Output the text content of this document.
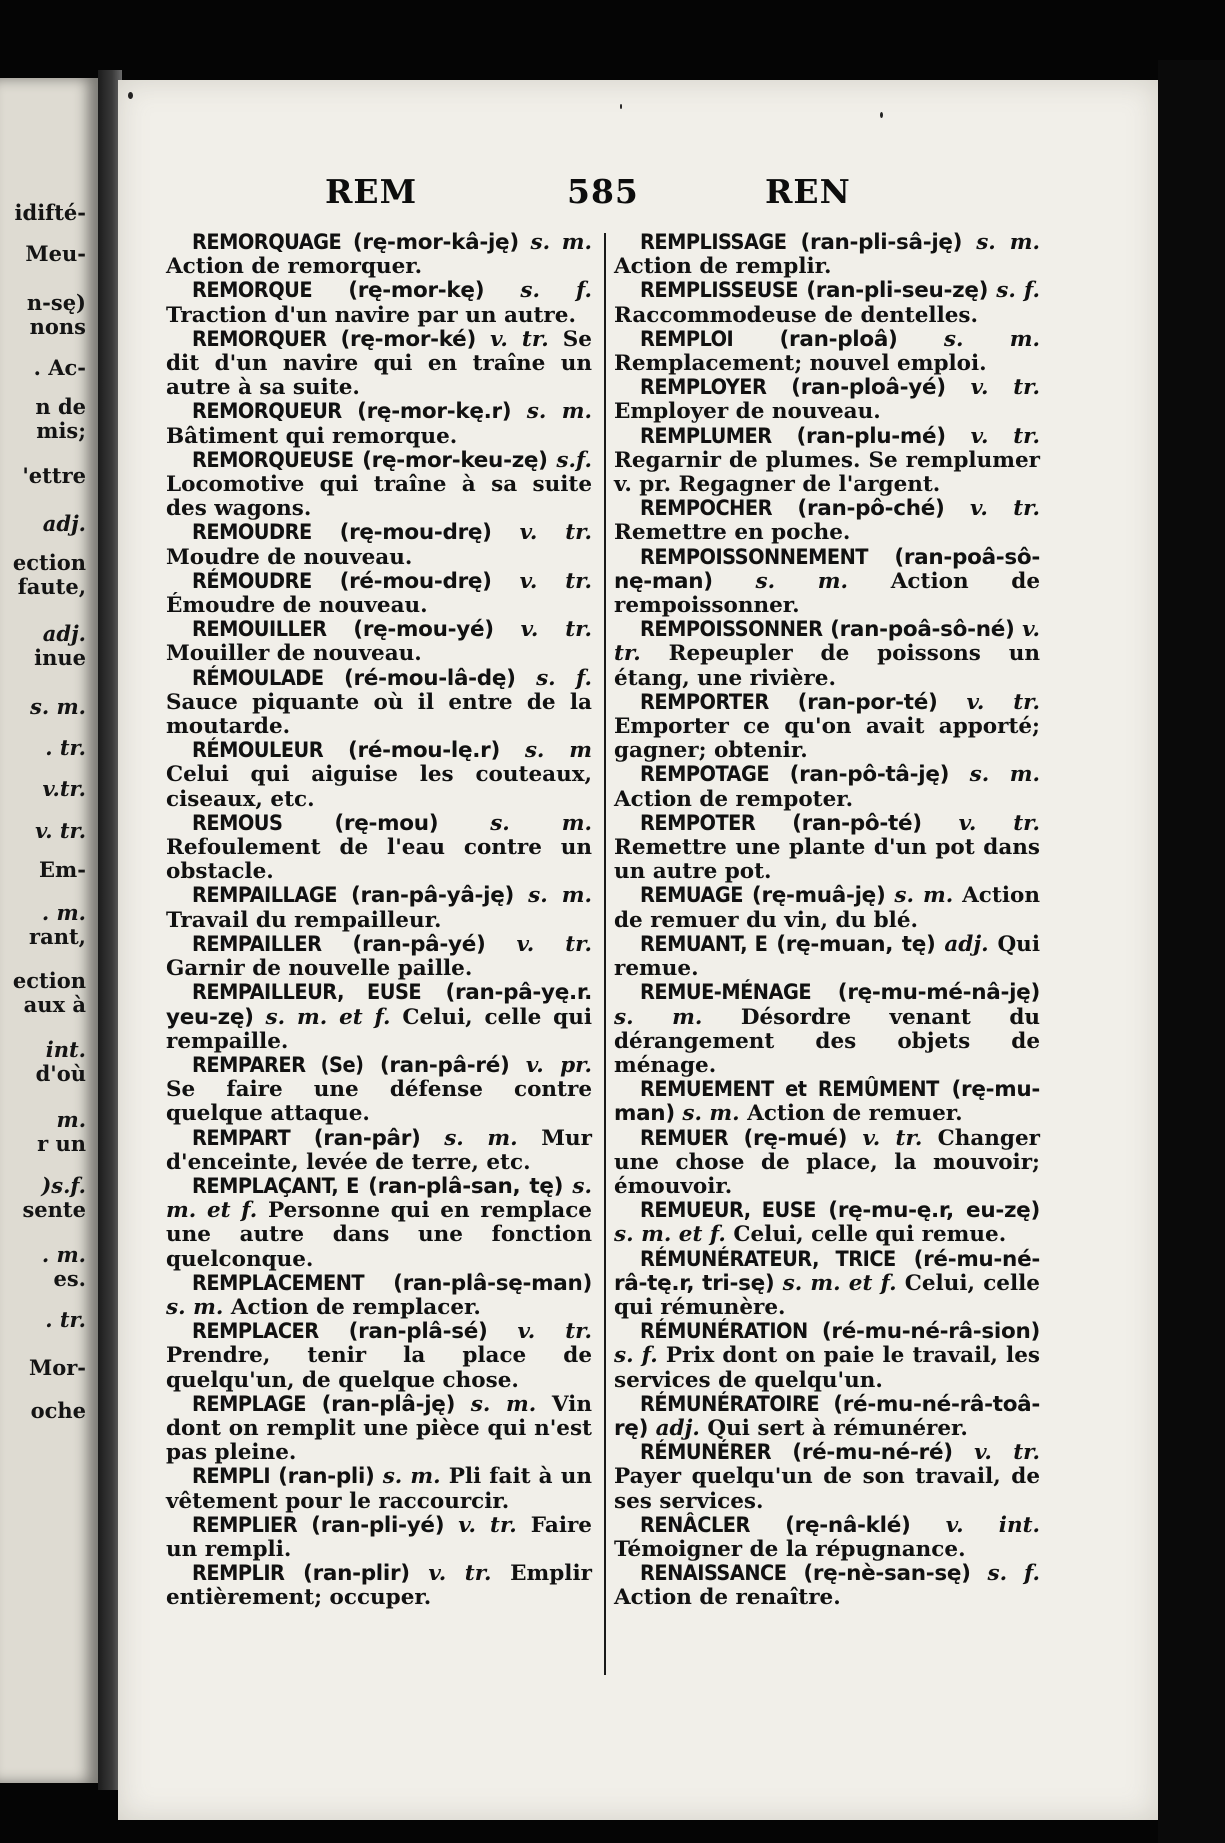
idifté-
Meu-
n-sę)
nons
. Ac-
n de
mis;
'ettre
adj.
ection
faute,
adj.
inue
s. m.
. tr.
v.tr.
v. tr.
Em-
. m.
rant,
ection
aux à
int.
d'où
m.
r un
)s.f.
sente
. m.
es.
. tr.
Mor-
oche
REM	585	REN

REMORQUAGE (rę-mor-kâ-ję) s. m. Action de remorquer.

REMORQUE (rę-mor-kę) s. f. Traction d'un navire par un autre.

REMORQUER (rę-mor-ké) v. tr. Se dit d'un navire qui en traîne un autre à sa suite.

REMORQUEUR (rę-mor-kę.r) s. m. Bâtiment qui remorque.

REMORQUEUSE (rę-mor-keu-zę) s.f. Locomotive qui traîne à sa suite des wagons.

REMOUDRE (rę-mou-drę) v. tr. Moudre de nouveau.

RÉMOUDRE (ré-mou-drę) v. tr. Émoudre de nouveau.

REMOUILLER (rę-mou-yé) v. tr. Mouiller de nouveau.

RÉMOULADE (ré-mou-lâ-dę) s. f. Sauce piquante où il entre de la moutarde.

RÉMOULEUR (ré-mou-lę.r) s. m Celui qui aiguise les couteaux, ciseaux, etc.

REMOUS (rę-mou) s. m. Refoulement de l'eau contre un obstacle.

REMPAILLAGE (ran-pâ-yâ-ję) s. m. Travail du rempailleur.

REMPAILLER (ran-pâ-yé) v. tr. Garnir de nouvelle paille.

REMPAILLEUR, EUSE (ran-pâ-yę.r. yeu-zę) s. m. et f. Celui, celle qui rempaille.

REMPARER (Se) (ran-pâ-ré) v. pr. Se faire une défense contre quelque attaque.

REMPART (ran-pâr) s. m. Mur d'enceinte, levée de terre, etc.

REMPLAÇANT, E (ran-plâ-san, tę) s. m. et f. Personne qui en remplace une autre dans une fonction quelconque.

REMPLACEMENT (ran-plâ-sę-man) s. m. Action de remplacer.

REMPLACER (ran-plâ-sé) v. tr. Prendre, tenir la place de quelqu'un, de quelque chose.

REMPLAGE (ran-plâ-ję) s. m. Vin dont on remplit une pièce qui n'est pas pleine.

REMPLI (ran-pli) s. m. Pli fait à un vêtement pour le raccourcir.

REMPLIER (ran-pli-yé) v. tr. Faire un rempli.

REMPLIR (ran-plir) v. tr. Emplir entièrement; occuper.

REMPLISSAGE (ran-pli-sâ-ję) s. m. Action de remplir.

REMPLISSEUSE (ran-pli-seu-zę) s. f. Raccommodeuse de dentelles.

REMPLOI (ran-ploâ) s. m. Remplacement; nouvel emploi.

REMPLOYER (ran-ploâ-yé) v. tr. Employer de nouveau.

REMPLUMER (ran-plu-mé) v. tr. Regarnir de plumes. Se remplumer v. pr. Regagner de l'argent.

REMPOCHER (ran-pô-ché) v. tr. Remettre en poche.

REMPOISSONNEMENT (ran-poâ-sô-nę-man) s. m. Action de rempoissonner.

REMPOISSONNER (ran-poâ-sô-né) v. tr. Repeupler de poissons un étang, une rivière.

REMPORTER (ran-por-té) v. tr. Emporter ce qu'on avait apporté; gagner; obtenir.

REMPOTAGE (ran-pô-tâ-ję) s. m. Action de rempoter.

REMPOTER (ran-pô-té) v. tr. Remettre une plante d'un pot dans un autre pot.

REMUAGE (rę-muâ-ję) s. m. Action de remuer du vin, du blé.

REMUANT, E (rę-muan, tę) adj. Qui remue.

REMUE-MÉNAGE (rę-mu-mé-nâ-ję) s. m. Désordre venant du dérangement des objets de ménage.

REMUEMENT et REMÛMENT (rę-mu-man) s. m. Action de remuer.

REMUER (rę-mué) v. tr. Changer une chose de place, la mouvoir; émouvoir.

REMUEUR, EUSE (rę-mu-ę.r, eu-zę) s. m. et f. Celui, celle qui remue.

RÉMUNÉRATEUR, TRICE (ré-mu-né-râ-tę.r, tri-sę) s. m. et f. Celui, celle qui rémunère.

RÉMUNÉRATION (ré-mu-né-râ-sion) s. f. Prix dont on paie le travail, les services de quelqu'un.

RÉMUNÉRATOIRE (ré-mu-né-râ-toâ-rę) adj. Qui sert à rémunérer.

RÉMUNÉRER (ré-mu-né-ré) v. tr. Payer quelqu'un de son travail, de ses services.

RENÂCLER (rę-nâ-klé) v. int. Témoigner de la répugnance.

RENAISSANCE (rę-nè-san-sę) s. f. Action de renaître.
